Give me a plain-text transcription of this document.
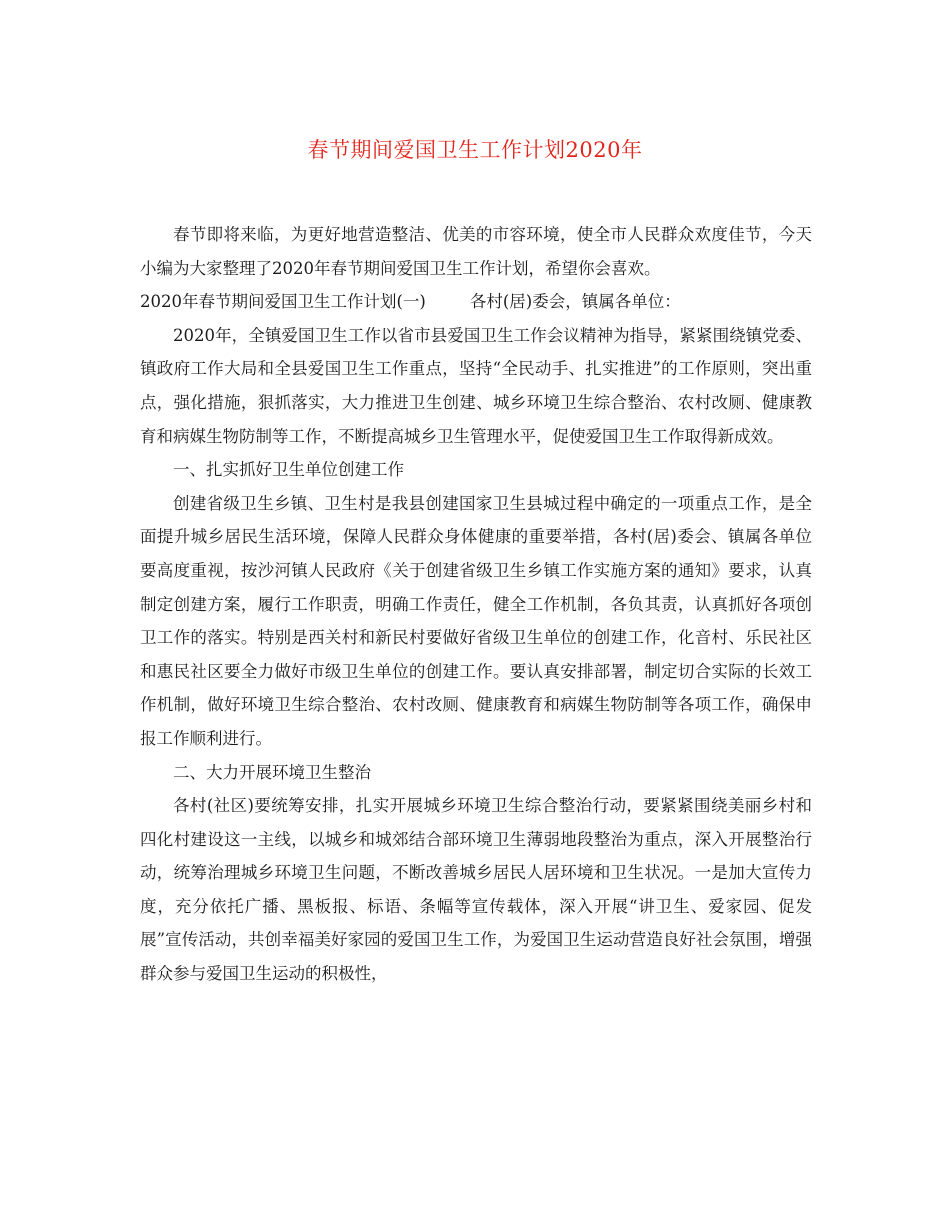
春节期间爱国卫生工作计划2020年

春节即将来临，为更好地营造整洁、优美的市容环境，使全市人民群众欢度佳节，今天小编为大家整理了2020年春节期间爱国卫生工作计划，希望你会喜欢。

2020年春节期间爱国卫生工作计划(一)	各村(居)委会，镇属各单位：

2020年，全镇爱国卫生工作以省市县爱国卫生工作会议精神为指导，紧紧围绕镇党委、镇政府工作大局和全县爱国卫生工作重点，坚持“全民动手、扎实推进”的工作原则，突出重点，强化措施，狠抓落实，大力推进卫生创建、城乡环境卫生综合整治、农村改厕、健康教育和病媒生物防制等工作，不断提高城乡卫生管理水平，促使爱国卫生工作取得新成效。

一、扎实抓好卫生单位创建工作

创建省级卫生乡镇、卫生村是我县创建国家卫生县城过程中确定的一项重点工作，是全面提升城乡居民生活环境，保障人民群众身体健康的重要举措，各村(居)委会、镇属各单位要高度重视，按沙河镇人民政府《关于创建省级卫生乡镇工作实施方案的通知》要求，认真制定创建方案，履行工作职责，明确工作责任，健全工作机制，各负其责，认真抓好各项创卫工作的落实。特别是西关村和新民村要做好省级卫生单位的创建工作，化音村、乐民社区和惠民社区要全力做好市级卫生单位的创建工作。要认真安排部署，制定切合实际的长效工作机制，做好环境卫生综合整治、农村改厕、健康教育和病媒生物防制等各项工作，确保申报工作顺利进行。

二、大力开展环境卫生整治

各村(社区)要统筹安排，扎实开展城乡环境卫生综合整治行动，要紧紧围绕美丽乡村和四化村建设这一主线，以城乡和城郊结合部环境卫生薄弱地段整治为重点，深入开展整治行动，统筹治理城乡环境卫生问题，不断改善城乡居民人居环境和卫生状况。一是加大宣传力度，充分依托广播、黑板报、标语、条幅等宣传载体，深入开展“讲卫生、爱家园、促发展”宣传活动，共创幸福美好家园的爱国卫生工作，为爱国卫生运动营造良好社会氛围，增强群众参与爱国卫生运动的积极性，
